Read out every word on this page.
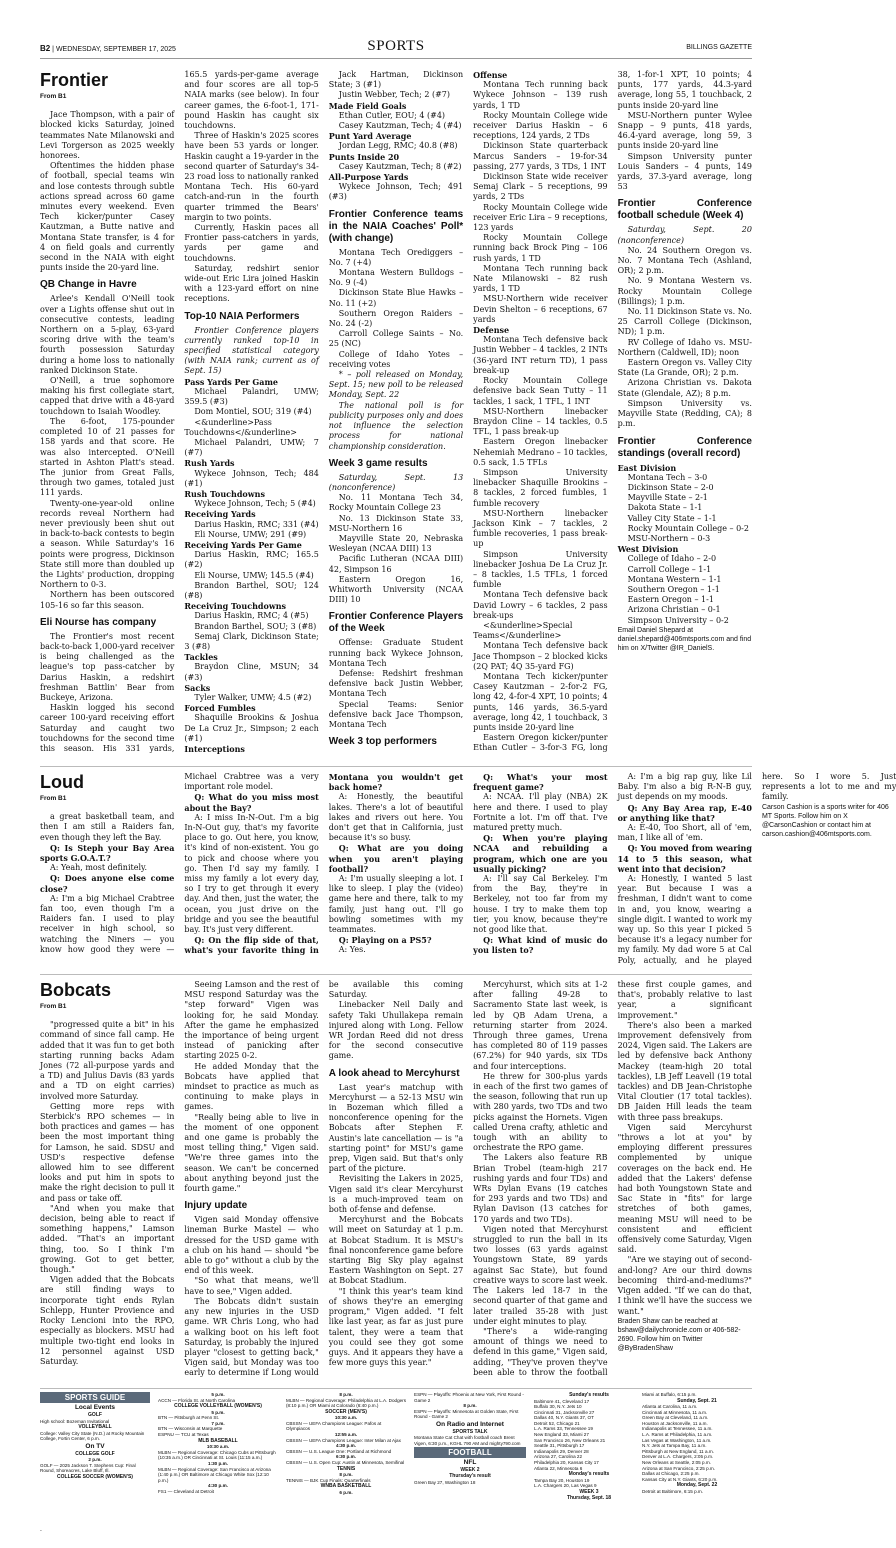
B2 | WEDNESDAY, SEPTEMBER 17, 2025	SPORTS	BILLINGS GAZETTE
Frontier

From B1

Jace Thompson, with a pair of blocked kicks Saturday, joined teammates Nate Milanowski and Levi Torgerson as 2025 weekly honorees.

Oftentimes the hidden phase of football, special teams win and lose contests through subtle actions spread across 60 game minutes every weekend. Even Tech kicker/punter Casey Kautzman, a Butte native and Montana State transfer, is 4 for 4 on field goals and currently second in the NAIA with eight punts inside the 20-yard line.

QB Change in Havre

Arlee's Kendall O'Neill took over a Lights offense shut out in consecutive contests, leading Northern on a 5-play, 63-yard scoring drive with the team's fourth possession Saturday during a home loss to nationally ranked Dickinson State.

O'Neill, a true sophomore making his first collegiate start, capped that drive with a 48-yard touchdown to Isaiah Woodley.

The 6-foot, 175-pounder completed 10 of 21 passes for 158 yards and that score. He was also intercepted. O'Neill started in Ashton Platt's stead. The junior from Great Falls, through two games, totaled just 111 yards.

Twenty-one-year-old online records reveal Northern had never previously been shut out in back-to-back contests to begin a season. While Saturday's 16 points were progress, Dickinson State still more than doubled up the Lights' production, dropping Northern to 0-3.

Northern has been outscored 105-16 so far this season.

Eli Nourse has company

The Frontier's most recent back-to-back 1,000-yard receiver is being challenged as the league's top pass-catcher by Darius Haskin, a redshirt freshman Battlin' Bear from Buckeye, Arizona.

Haskin logged his second career 100-yard receiving effort Saturday and caught two touchdowns for the second time this season. His 331 yards, 165.5 yards-per-game average and four scores are all top-5 NAIA marks (see below). In four career games, the 6-foot-1, 171-pound Haskin has caught six touchdowns.

Three of Haskin's 2025 scores have been 53 yards or longer. Haskin caught a 19-yarder in the second quarter of Saturday's 34-23 road loss to nationally ranked Montana Tech. His 60-yard catch-and-run in the fourth quarter trimmed the Bears' margin to two points.

Currently, Haskin paces all Frontier pass-catchers in yards, yards per game and touchdowns.

Saturday, redshirt senior wide-out Eric Lira joined Haskin with a 123-yard effort on nine receptions.

Top-10 NAIA Performers

Frontier Conference players currently ranked top-10 in specified statistical category (with NAIA rank; current as of Sept. 15)

Pass Yards Per Game

Michael Palandri, UMW; 359.5 (#3)

Dom Montiel, SOU; 319 (#4)

<&underline>Pass Touchdowns</&underline>

Michael Palandri, UMW; 7 (#7)

Rush Yards

Wykece Johnson, Tech; 484 (#1)

Rush Touchdowns

Wykece Johnson, Tech; 5 (#4)

Receiving Yards

Darius Haskin, RMC; 331 (#4)

Eli Nourse, UMW; 291 (#9)

Receiving Yards Per Game

Darius Haskin, RMC; 165.5 (#2)

Eli Nourse, UMW; 145.5 (#4)

Brandon Barthel, SOU; 124 (#8)

Receiving Touchdowns

Darius Haskin, RMC; 4 (#5)

Brandon Barthel, SOU; 3 (#8)

Semaj Clark, Dickinson State; 3 (#8)

Tackles

Braydon Cline, MSUN; 34 (#3)

Sacks

Tyler Walker, UMW; 4.5 (#2)

Forced Fumbles

Shaquille Brookins & Joshua De La Cruz Jr., Simpson; 2 each (#1)

Interceptions

Jack Hartman, Dickinson State; 3 (#1)

Justin Webber, Tech; 2 (#7)

Made Field Goals

Ethan Cutler, EOU; 4 (#4)

Casey Kautzman, Tech; 4 (#4)

Punt Yard Average

Jordan Legg, RMC; 40.8 (#8)

Punts Inside 20

Casey Kautzman, Tech; 8 (#2)

All-Purpose Yards

Wykece Johnson, Tech; 491 (#3)

Frontier Conference teams in the NAIA Coaches' Poll* (with change)

Montana Tech Orediggers – No. 7 (+4)

Montana Western Bulldogs – No. 9 (-4)

Dickinson State Blue Hawks – No. 11 (+2)

Southern Oregon Raiders – No. 24 (-2)

Carroll College Saints – No. 25 (NC)

College of Idaho Yotes – receiving votes

* – poll released on Monday, Sept. 15; new poll to be released Monday, Sept. 22

The national poll is for publicity purposes only and does not influence the selection process for national championship consideration.

Week 3 game results

Saturday, Sept. 13 (nonconference)

No. 11 Montana Tech 34, Rocky Mountain College 23

No. 13 Dickinson State 33, MSU-Northern 16

Mayville State 20, Nebraska Wesleyan (NCAA DIII) 13

Pacific Lutheran (NCAA DIII) 42, Simpson 16

Eastern Oregon 16, Whitworth University (NCAA DIII) 10

Frontier Conference Players of the Week

Offense: Graduate Student running back Wykece Johnson, Montana Tech

Defense: Redshirt freshman defensive back Justin Webber, Montana Tech

Special Teams: Senior defensive back Jace Thompson, Montana Tech

Week 3 top performers

Offense

Montana Tech running back Wykece Johnson – 139 rush yards, 1 TD

Rocky Mountain College wide receiver Darius Haskin – 6 receptions, 124 yards, 2 TDs

Dickinson State quarterback Marcus Sanders – 19-for-34 passing, 277 yards, 3 TDs, 1 INT

Dickinson State wide receiver Semaj Clark – 5 receptions, 99 yards, 2 TDs

Rocky Mountain College wide receiver Eric Lira – 9 receptions, 123 yards

Rocky Mountain College running back Brock Ping – 106 rush yards, 1 TD

Montana Tech running back Nate Milanowski – 82 rush yards, 1 TD

MSU-Northern wide receiver Devin Shelton – 6 receptions, 67 yards

Defense

Montana Tech defensive back Justin Webber – 4 tackles, 2 INTs (36-yard INT return TD), 1 pass break-up

Rocky Mountain College defensive back Sean Tutty – 11 tackles, 1 sack, 1 TFL, 1 INT

MSU-Northern linebacker Braydon Cline – 14 tackles, 0.5 TFL, 1 pass break-up

Eastern Oregon linebacker Nehemiah Medrano – 10 tackles, 0.5 sack, 1.5 TFLs

Simpson University linebacker Shaquille Brookins – 8 tackles, 2 forced fumbles, 1 fumble recovery

MSU-Northern linebacker Jackson Kink – 7 tackles, 2 fumble recoveries, 1 pass break-up

Simpson University linebacker Joshua De La Cruz Jr. – 8 tackles, 1.5 TFLs, 1 forced fumble

Montana Tech defensive back David Lowry – 6 tackles, 2 pass break-ups

<&underline>Special Teams</&underline>

Montana Tech defensive back Jace Thompson – 2 blocked kicks (2Q PAT; 4Q 35-yard FG)

Montana Tech kicker/punter Casey Kautzman – 2-for-2 FG, long 42, 4-for-4 XPT, 10 points; 4 punts, 146 yards, 36.5-yard average, long 42, 1 touchback, 3 punts inside 20-yard line

Eastern Oregon kicker/punter Ethan Cutler – 3-for-3 FG, long 38, 1-for-1 XPT, 10 points; 4 punts, 177 yards, 44.3-yard average, long 55, 1 touchback, 2 punts inside 20-yard line

MSU-Northern punter Wylee Snapp – 9 punts, 418 yards, 46.4-yard average, long 59, 3 punts inside 20-yard line

Simpson University punter Louis Sanders – 4 punts, 149 yards, 37.3-yard average, long 53

Frontier Conference football schedule (Week 4)

Saturday, Sept. 20 (nonconference)

No. 24 Southern Oregon vs. No. 7 Montana Tech (Ashland, OR); 2 p.m.

No. 9 Montana Western vs. Rocky Mountain College (Billings); 1 p.m.

No. 11 Dickinson State vs. No. 25 Carroll College (Dickinson, ND); 1 p.m.

RV College of Idaho vs. MSU-Northern (Caldwell, ID); noon

Eastern Oregon vs. Valley City State (La Grande, OR); 2 p.m.

Arizona Christian vs. Dakota State (Glendale, AZ); 8 p.m.

Simpson University vs. Mayville State (Redding, CA); 8 p.m.

Frontier Conference standings (overall record)

East Division

Montana Tech – 3-0

Dickinson State – 2-0

Mayville State – 2-1

Dakota State – 1-1

Valley City State – 1-1

Rocky Mountain College – 0-2

MSU-Northern – 0-3

West Division

College of Idaho – 2-0

Carroll College – 1-1

Montana Western – 1-1

Southern Oregon – 1-1

Eastern Oregon – 1-1

Arizona Christian – 0-1

Simpson University – 0-2

Email Daniel Shepard at daniel.shepard@406mtsports.com and find him on X/Twitter @IR_DanielS.

Loud

From B1

a great basketball team, and then I am still a Raiders fan, even though they left the Bay.

Q: Is Steph your Bay Area sports G.O.A.T.?

A: Yeah, most definitely.

Q: Does anyone else come close?

A: I'm a big Michael Crabtree fan too, even though I'm a Raiders fan. I used to play receiver in high school, so watching the Niners — you know how good they were — Michael Crabtree was a very important role model.

Q: What do you miss most about the Bay?

A: I miss In-N-Out. I'm a big In-N-Out guy, that's my favorite place to go. Out here, you know, it's kind of non-existent. You go to pick and choose where you go. Then I'd say my family. I miss my family a lot every day, so I try to get through it every day. And then, just the water, the ocean, you just drive on the bridge and you see the beautiful bay. It's just very different.

Q: On the flip side of that, what's your favorite thing in Montana you wouldn't get back home?

A: Honestly, the beautiful lakes. There's a lot of beautiful lakes and rivers out here. You don't get that in California, just because it's so busy.

Q: What are you doing when you aren't playing football?

A: I'm usually sleeping a lot. I like to sleep. I play the (video) game here and there, talk to my family, just hang out. I'll go bowling sometimes with my teammates.

Q: Playing on a PS5?

A: Yes.

Q: What's your most frequent game?

A: NCAA. I'll play (NBA) 2K here and there. I used to play Fortnite a lot. I'm off that. I've matured pretty much.

Q: When you're playing NCAA and rebuilding a program, which one are you usually picking?

A: I'll say Cal Berkeley. I'm from the Bay, they're in Berkeley, not too far from my house. I try to make them top tier, you know, because they're not good like that.

Q: What kind of music do you listen to?

A: I'm a big rap guy, like Lil Baby. I'm also a big R-N-B guy, just depends on my moods.

Q: Any Bay Area rap, E-40 or anything like that?

A: E-40, Too Short, all of 'em, man, I like all of 'em.

Q: You moved from wearing 14 to 5 this season, what went into that decision?

A: Honestly, I wanted 5 last year. But because I was a freshman, I didn't want to come in and, you know, wearing a single digit. I wanted to work my way up. So this year I picked 5 because it's a legacy number for my family. My dad wore 5 at Cal Poly, actually, and he played here. So I wore 5. Just represents a lot to me and my family.

Carson Cashion is a sports writer for 406 MT Sports. Follow him on X @CarsonCashion or contact him at carson.cashion@406mtsports.com.

Bobcats

From B1

"progressed quite a bit" in his command of since fall camp. He added that it was fun to get both starting running backs Adam Jones (72 all-purpose yards and a TD) and Julius Davis (83 yards and a TD on eight carries) involved more Saturday.

Getting more reps with Sterbick's RPO schemes — in both practices and games — has been the most important thing for Lamson, he said. SDSU and USD's respective defense allowed him to see different looks and put him in spots to make the right decision to pull it and pass or take off.

"And when you make that decision, being able to react if something happens," Lamson added. "That's an important thing, too. So I think I'm growing. Got to get better, though."

Vigen added that the Bobcats are still finding ways to incorporate tight ends Rylan Schlepp, Hunter Provience and Rocky Lencioni into the RPO, especially as blockers. MSU had multiple two-tight end looks in 12 personnel against USD Saturday.

Seeing Lamson and the rest of MSU respond Saturday was the "step forward" Vigen was looking for, he said Monday. After the game he emphasized the importance of being urgent instead of panicking after starting 2025 0-2.

He added Monday that the Bobcats have applied that mindset to practice as much as continuing to make plays in games.

"Really being able to live in the moment of one opponent and one game is probably the most telling thing," Vigen said. "We're three games into the season. We can't be concerned about anything beyond just the fourth game."

Injury update

Vigen said Monday offensive lineman Burke Mastel — who dressed for the USD game with a club on his hand — should "be able to go" without a club by the end of this week.

"So what that means, we'll have to see," Vigen added.

The Bobcats didn't sustain any new injuries in the USD game. WR Chris Long, who had a walking boot on his left foot Saturday, is probably the injured player "closest to getting back," Vigen said, but Monday was too early to determine if Long would be available this coming Saturday.

Linebacker Neil Daily and safety Taki Uhullakepa remain injured along with Long. Fellow WR Jordan Reed did not dress for the second consecutive game.

A look ahead to Mercyhurst

Last year's matchup with Mercyhurst — a 52-13 MSU win in Bozeman which filled a nonconference opening for the Bobcats after Stephen F. Austin's late cancellation — is "a starting point" for MSU's game prep, Vigen said. But that's only part of the picture.

Revisiting the Lakers in 2025, Vigen said it's clear Mercyhurst is a much-improved team on both of-fense and defense.

Mercyhurst and the Bobcats will meet on Saturday at 1 p.m. at Bobcat Stadium. It is MSU's final nonconference game before starting Big Sky play against Eastern Washington on Sept. 27 at Bobcat Stadium.

"I think this year's team kind of shows they're an emerging program," Vigen added. "I felt like last year, as far as just pure talent, they were a team that you could see they got some guys. And it appears they have a few more guys this year."

Mercyhurst, which sits at 1-2 after falling 49-28 to Sacramento State last week, is led by QB Adam Urena, a returning starter from 2024. Through three games, Urena has completed 80 of 119 passes (67.2%) for 940 yards, six TDs and four interceptions.

He threw for 300-plus yards in each of the first two games of the season, following that run up with 280 yards, two TDs and two picks against the Hornets. Vigen called Urena crafty, athletic and tough with an ability to orchestrate the RPO game.

The Lakers also feature RB Brian Trobel (team-high 217 rushing yards and four TDs) and WRs Dylan Evans (19 catches for 293 yards and two TDs) and Rylan Davison (13 catches for 170 yards and two TDs).

Vigen noted that Mercyhurst struggled to run the ball in its two losses (63 yards against Youngstown State, 89 yards against Sac State), but found creative ways to score last week. The Lakers led 18-7 in the second quarter of that game and later trailed 35-28 with just under eight minutes to play.

"There's a wide-ranging amount of things we need to defend in this game," Vigen said, adding, "They've proven they've been able to throw the football these first couple games, and that's, probably relative to last year, a significant improvement."

There's also been a marked improvement defensively from 2024, Vigen said. The Lakers are led by defensive back Anthony Mackey (team-high 20 total tackles), LB Jeff Leavell (19 total tackles) and DB Jean-Christophe Vital Cloutier (17 total tackles). DB Jaiden Hill leads the team with three pass breakups.

Vigen said Mercyhurst "throws a lot at you" by employing different pressures complemented by unique coverages on the back end. He added that the Lakers' defense had both Youngstown State and Sac State in "fits" for large stretches of both games, meaning MSU will need to be consistent and efficient offensively come Saturday, Vigen said.

"Are we staying out of second-and-long? Are our third downs becoming third-and-mediums?" Vigen added. "If we can do that, I think we'll have the success we want."

Braden Shaw can be reached at bshaw@dailychronicle.com or 406-582-2690. Follow him on Twitter @ByBradenShaw

SPORTS GUIDE
Local Events
GOLF
High school: Bozeman Invitational
VOLLEYBALL
College: Valley City State (N.D.) at Rocky Mountain College, Fortin Center, 6 p.m.
On TV
COLLEGE GOLF
2 p.m.
GOLF — 2025 Jackson T. Stephens Cup: Final Round, Shoreacres, Lake Bluff, Ill.
COLLEGE SOCCER (WOMEN'S)
5 p.m.
ACCN — Florida St. at North Carolina
COLLEGE VOLLEYBALL (WOMEN'S)
5 p.m.
BTN — Pittsburgh at Penn St.
7 p.m.
BTN — Wisconsin at Marquette
ESPNU — TCU at Texas
MLB BASEBALL
10:30 a.m.
MLBN — Regional Coverage: Chicago Cubs at Pittsburgh (10:35 a.m.) OR Cincinnati at St. Louis (11:15 a.m.)
1:30 p.m.
MLBN — Regional Coverage: San Francisco at Arizona (1:40 p.m.) OR Baltimore at Chicago White Sox (12:10 p.m.)
4:30 p.m.
FS1 — Cleveland at Detroit
8 p.m.
MLBN — Regional Coverage: Philadelphia at L.A. Dodgers (8:10 p.m.) OR Miami at Colorado (6:40 p.m.)
SOCCER (MEN'S)
10:30 a.m.
CBSSN — UEFA Champions League: Pafos at Olympiacos
12:55 a.m.
CBSSN — UEFA Champions League: Inter Milan at Ajax
4:30 p.m.
CBSSN — U.S. League One: Portland at Richmond
6:30 p.m.
CBSSN — U.S. Open Cup: Austin at Minnesota, Semifinal
TENNIS
8 p.m.
TENNIS — BJK Cup Finals: Quarterfinals
WNBA BASKETBALL
6 p.m.
ESPN — Playoffs: Phoenix at New York, First Round - Game 2
8 p.m.
ESPN — Playoffs: Minnesota at Golden State, First Round - Game 2
On Radio and Internet
SPORTS TALK
Montana State Cat Chat with football coach Brent Vigen, 6:30 p.m., KGHL 790 AM and mighty790.com
FOOTBALL
NFL
WEEK 2
Thursday's result
Green Bay 27, Washington 18
Sunday's results
Baltimore 41, Cleveland 17
Buffalo 30, N.Y. Jets 10
Cincinnati 31, Jacksonville 27
Dallas 40, N.Y. Giants 37, OT
Detroit 52, Chicago 21
L.A. Rams 33, Tennessee 19
New England 33, Miami 27
San Francisco 26, New Orleans 21
Seattle 31, Pittsburgh 17
Indianapolis 29, Denver 28
Arizona 27, Carolina 22
Philadelphia 20, Kansas City 17
Atlanta 22, Minnesota 6
Monday's results
Tampa Bay 20, Houston 19
L.A. Chargers 20, Las Vegas 9
WEEK 3
Thursday, Sept. 18
Miami at Buffalo, 6:15 p.m.
Sunday, Sept. 21
Atlanta at Carolina, 11 a.m.
Cincinnati at Minnesota, 11 a.m.
Green Bay at Cleveland, 11 a.m.
Houston at Jacksonville, 11 a.m.
Indianapolis at Tennessee, 11 a.m.
L.A. Rams at Philadelphia, 11 a.m.
Las Vegas at Washington, 11 a.m.
N.Y. Jets at Tampa Bay, 11 a.m.
Pittsburgh at New England, 11 a.m.
Denver at L.A. Chargers, 2:05 p.m.
New Orleans at Seattle, 2:05 p.m.
Arizona at San Francisco, 2:25 p.m.
Dallas at Chicago, 2:25 p.m.
Kansas City at N.Y. Giants, 6:20 p.m.
Monday, Sept. 22
Detroit at Baltimore, 6:15 p.m.
.
